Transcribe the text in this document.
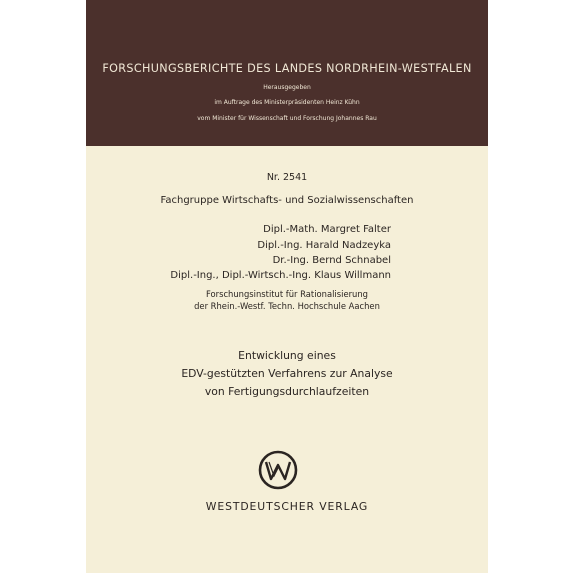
FORSCHUNGSBERICHTE DES LANDES NORDRHEIN-WESTFALEN
Herausgegeben
im Auftrage des Ministerpräsidenten Heinz Kühn
vom Minister für Wissenschaft und Forschung Johannes Rau
Nr. 2541
Fachgruppe Wirtschafts- und Sozialwissenschaften
Dipl.-Math. Margret Falter
Dipl.-Ing. Harald Nadzeyka
Dr.-Ing. Bernd Schnabel
Dipl.-Ing., Dipl.-Wirtsch.-Ing. Klaus Willmann
Forschungsinstitut für Rationalisierung
der Rhein.-Westf. Techn. Hochschule Aachen
Entwicklung eines
EDV-gestützten Verfahrens zur Analyse
von Fertigungsdurchlaufzeiten
WESTDEUTSCHER VERLAG
